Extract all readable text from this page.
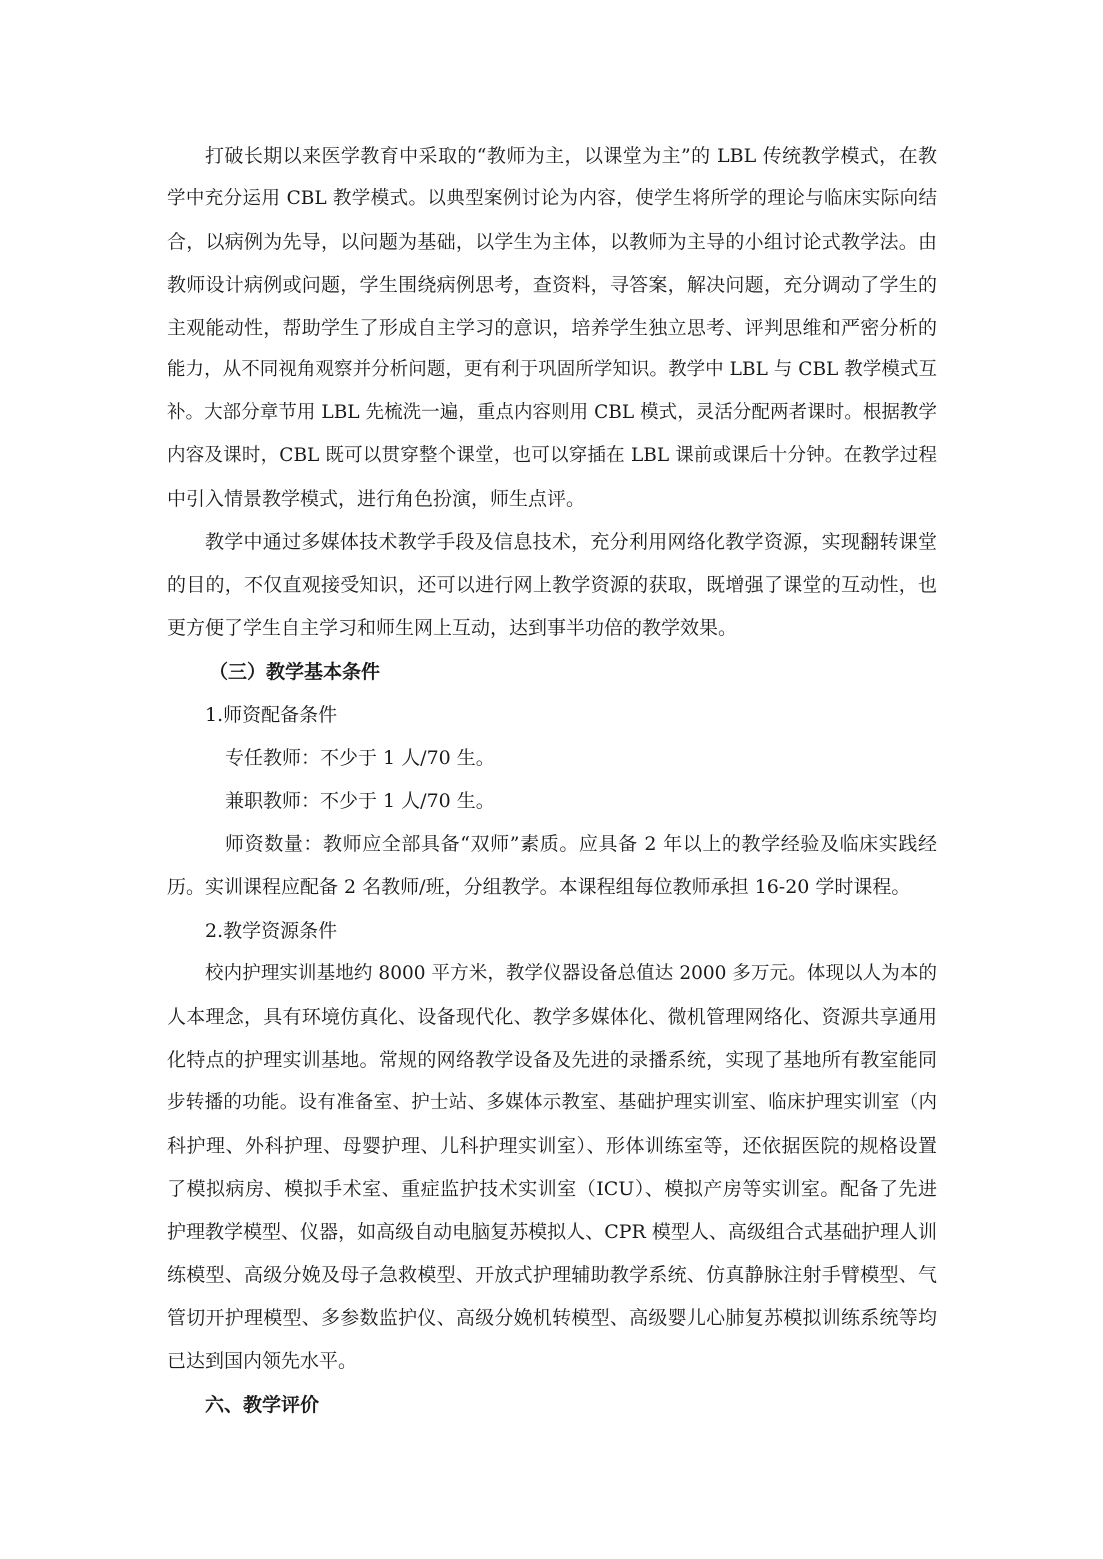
打破长期以来医学教育中采取的“教师为主，以课堂为主”的 LBL 传统教学模式，在教
学中充分运用 CBL 教学模式。以典型案例讨论为内容，使学生将所学的理论与临床实际向结
合，以病例为先导，以问题为基础，以学生为主体，以教师为主导的小组讨论式教学法。由
教师设计病例或问题，学生围绕病例思考，查资料，寻答案，解决问题，充分调动了学生的
主观能动性，帮助学生了形成自主学习的意识，培养学生独立思考、评判思维和严密分析的
能力，从不同视角观察并分析问题，更有利于巩固所学知识。教学中 LBL 与 CBL 教学模式互
补。大部分章节用 LBL 先梳洗一遍，重点内容则用 CBL 模式，灵活分配两者课时。根据教学
内容及课时，CBL 既可以贯穿整个课堂，也可以穿插在 LBL 课前或课后十分钟。在教学过程
中引入情景教学模式，进行角色扮演，师生点评。
教学中通过多媒体技术教学手段及信息技术，充分利用网络化教学资源，实现翻转课堂
的目的，不仅直观接受知识，还可以进行网上教学资源的获取，既增强了课堂的互动性，也
更方便了学生自主学习和师生网上互动，达到事半功倍的教学效果。
（三）教学基本条件
1.师资配备条件
专任教师：不少于 1 人/70 生。
兼职教师：不少于 1 人/70 生。
师资数量：教师应全部具备“双师”素质。应具备 2 年以上的教学经验及临床实践经
历。实训课程应配备 2 名教师/班，分组教学。本课程组每位教师承担 16-20 学时课程。
2.教学资源条件
校内护理实训基地约 8000 平方米，教学仪器设备总值达 2000 多万元。体现以人为本的
人本理念，具有环境仿真化、设备现代化、教学多媒体化、微机管理网络化、资源共享通用
化特点的护理实训基地。常规的网络教学设备及先进的录播系统，实现了基地所有教室能同
步转播的功能。设有准备室、护士站、多媒体示教室、基础护理实训室、临床护理实训室（内
科护理、外科护理、母婴护理、儿科护理实训室）、形体训练室等，还依据医院的规格设置
了模拟病房、模拟手术室、重症监护技术实训室（ICU）、模拟产房等实训室。配备了先进
护理教学模型、仪器，如高级自动电脑复苏模拟人、CPR 模型人、高级组合式基础护理人训
练模型、高级分娩及母子急救模型、开放式护理辅助教学系统、仿真静脉注射手臂模型、气
管切开护理模型、多参数监护仪、高级分娩机转模型、高级婴儿心肺复苏模拟训练系统等均
已达到国内领先水平。
六、教学评价
